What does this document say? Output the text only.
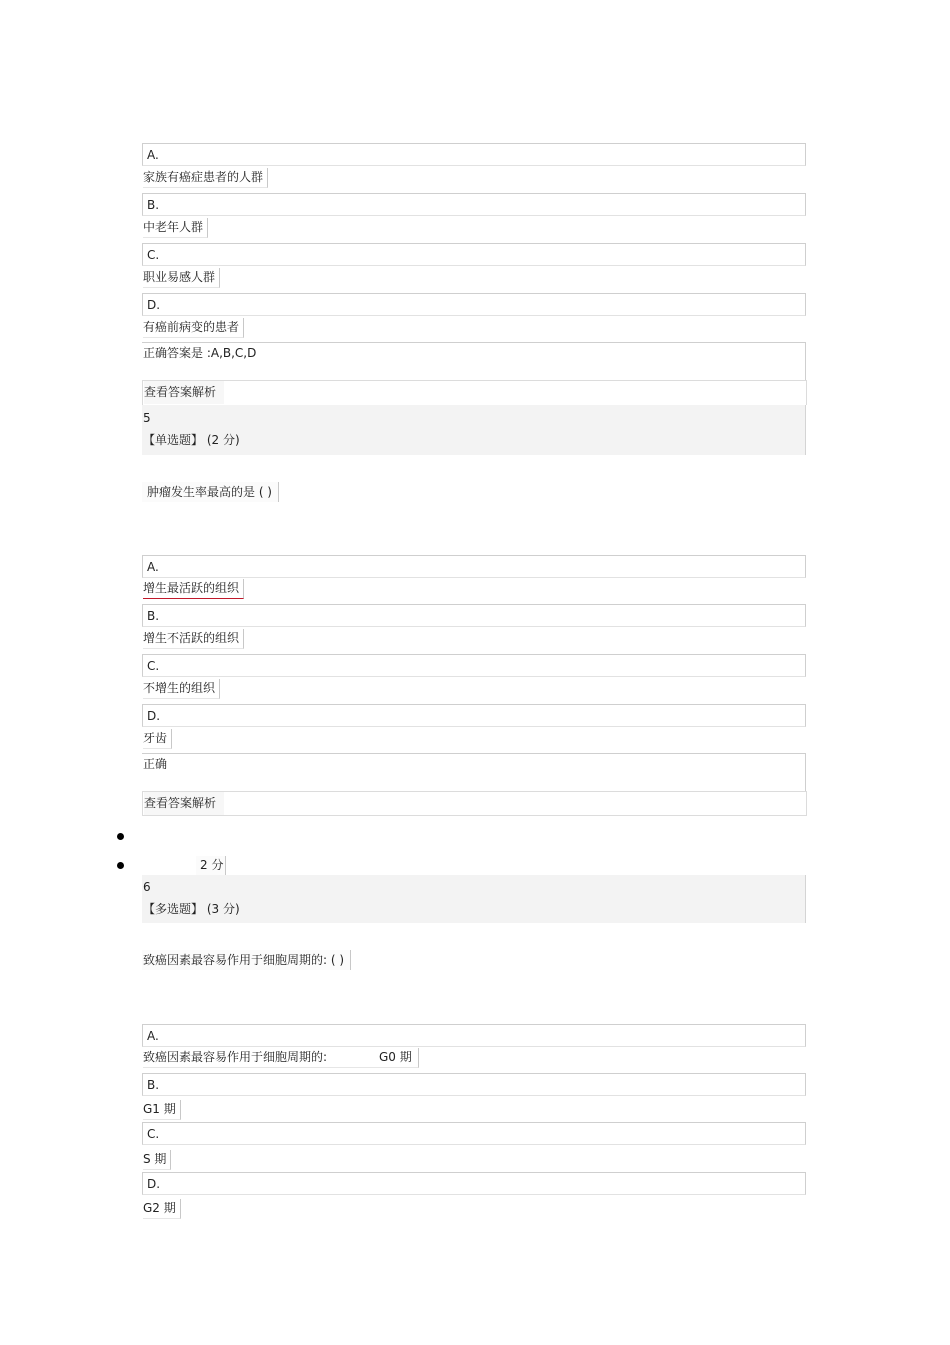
A.
家族有癌症患者的人群
B.
中老年人群
C.
职业易感人群
D.
有癌前病变的患者
正确答案是 :A,B,C,D
查看答案解析
5
【单选题】 (2 分)
肿瘤发生率最高的是 ( )
A.
增生最活跃的组织
B.
增生不活跃的组织
C.
不增生的组织
D.
牙齿
正确
查看答案解析
2 分
6
【多选题】 (3 分)
致癌因素最容易作用于细胞周期的: ( )
A.
致癌因素最容易作用于细胞周期的:	G0 期
B.
G1 期
C.
S 期
D.
G2 期
